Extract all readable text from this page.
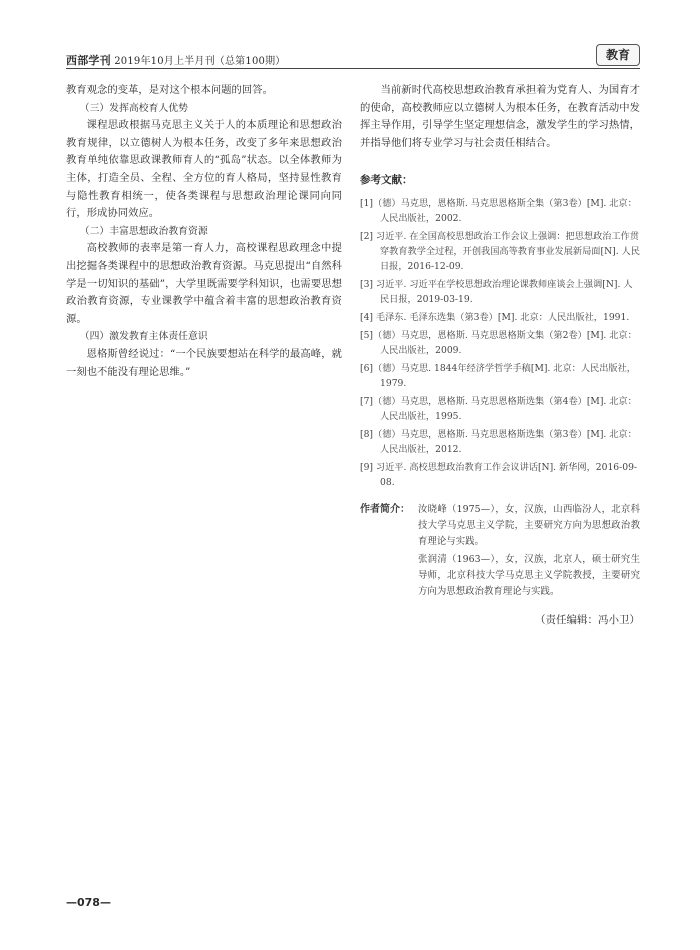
西部学刊 2019年10月上半月刊（总第100期）	教育

教育观念的变革，是对这个根本问题的回答。

（三）发挥高校育人优势

课程思政根据马克思主义关于人的本质理论和思想政治教育规律，以立德树人为根本任务，改变了多年来思想政治教育单纯依靠思政课教师育人的“孤岛”状态。以全体教师为主体，打造全员、全程、全方位的育人格局，坚持显性教育与隐性教育相统一，使各类课程与思想政治理论课同向同行，形成协同效应。

（二）丰富思想政治教育资源

高校教师的表率是第一育人力，高校课程思政理念中提出挖掘各类课程中的思想政治教育资源。马克思提出“自然科学是一切知识的基础”，大学里既需要学科知识，也需要思想政治教育资源，专业课教学中蕴含着丰富的思想政治教育资源。

（四）激发教育主体责任意识

恩格斯曾经说过：“一个民族要想站在科学的最高峰，就一刻也不能没有理论思维。”

当前新时代高校思想政治教育承担着为党育人、为国育才的使命，高校教师应以立德树人为根本任务，在教育活动中发挥主导作用，引导学生坚定理想信念，激发学生的学习热情，并指导他们将专业学习与社会责任相结合。

参考文献：
[1]（德）马克思，恩格斯. 马克思恩格斯全集（第3卷）[M]. 北京：人民出版社，2002.
[2] 习近平. 在全国高校思想政治工作会议上强调：把思想政治工作贯穿教育教学全过程，开创我国高等教育事业发展新局面[N]. 人民日报，2016-12-09.
[3] 习近平. 习近平在学校思想政治理论课教师座谈会上强调[N]. 人民日报，2019-03-19.
[4] 毛泽东. 毛泽东选集（第3卷）[M]. 北京：人民出版社，1991.
[5]（德）马克思，恩格斯. 马克思恩格斯文集（第2卷）[M]. 北京：人民出版社，2009.
[6]（德）马克思. 1844年经济学哲学手稿[M]. 北京：人民出版社，1979.
[7]（德）马克思，恩格斯. 马克思恩格斯选集（第4卷）[M]. 北京：人民出版社，1995.
[8]（德）马克思，恩格斯. 马克思恩格斯选集（第3卷）[M]. 北京：人民出版社，2012.
[9] 习近平. 高校思想政治教育工作会议讲话[N]. 新华网，2016-09-08.
作者简介： 汝晓峰（1975—），女，汉族，山西临汾人，北京科技大学马克思主义学院，主要研究方向为思想政治教育理论与实践。

张润清（1963—），女，汉族，北京人，硕士研究生导师，北京科技大学马克思主义学院教授，主要研究方向为思想政治教育理论与实践。

（责任编辑：冯小卫）
—078—
